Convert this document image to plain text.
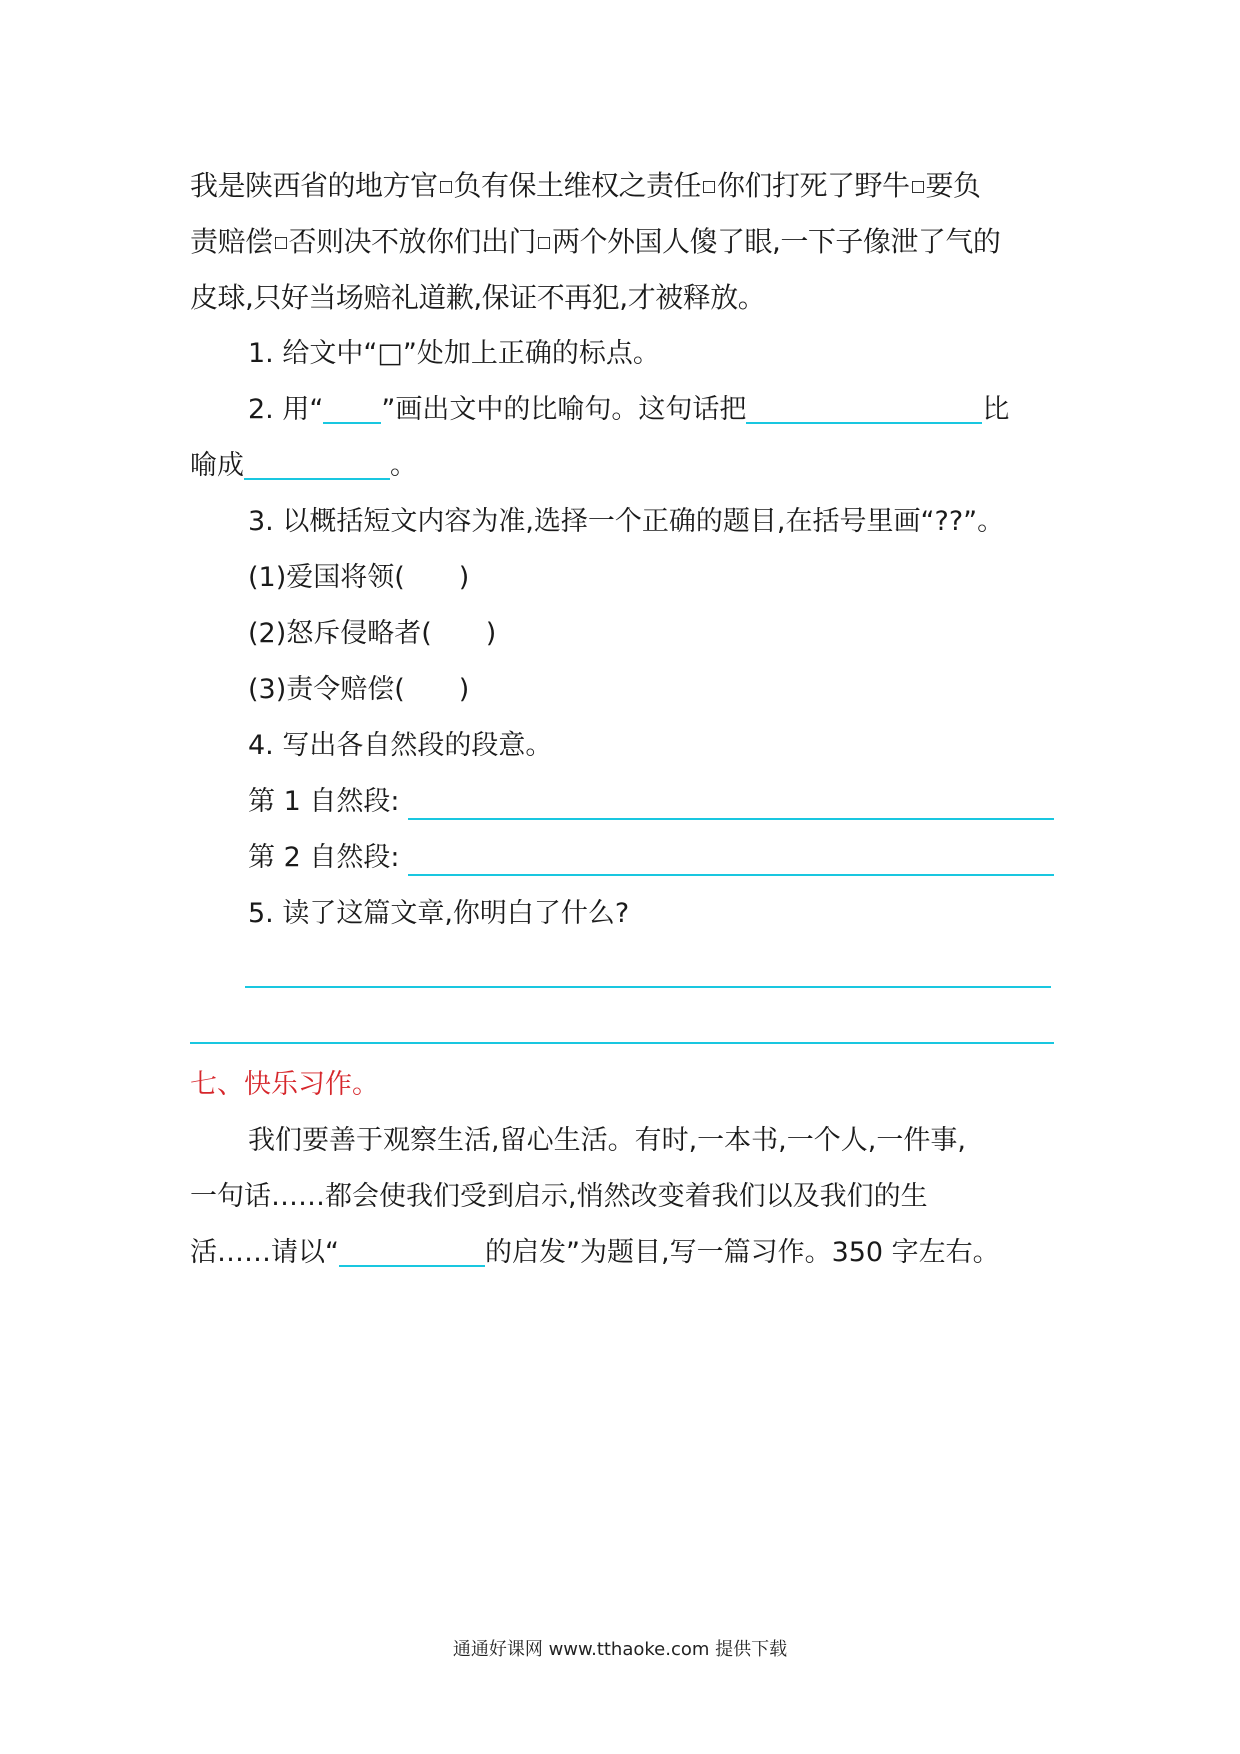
我是陕西省的地方官 负有保土维权之责任 你们打死了野牛 要负
责赔偿 否则决不放你们出门 两个外国人傻了眼,一下子像泄了气的
皮球,只好当场赔礼道歉,保证不再犯,才被释放。
1. 给文中“□”处加上正确的标点。
2. 用“ ”画出文中的比喻句。这句话把	比
喻成	。
3. 以概括短文内容为准,选择一个正确的题目,在括号里画“??”。
(1)爱国将领(　　)
(2)怒斥侵略者(　　)
(3)责令赔偿(　　)
4. 写出各自然段的段意。
第 1 自然段:
第 2 自然段:
5. 读了这篇文章,你明白了什么?
七、快乐习作。
我们要善于观察生活,留心生活。有时,一本书,一个人,一件事,
一句话……都会使我们受到启示,悄然改变着我们以及我们的生
活……请以“	的启发”为题目,写一篇习作。350 字左右。
通通好课网 www.tthaoke.com 提供下载
